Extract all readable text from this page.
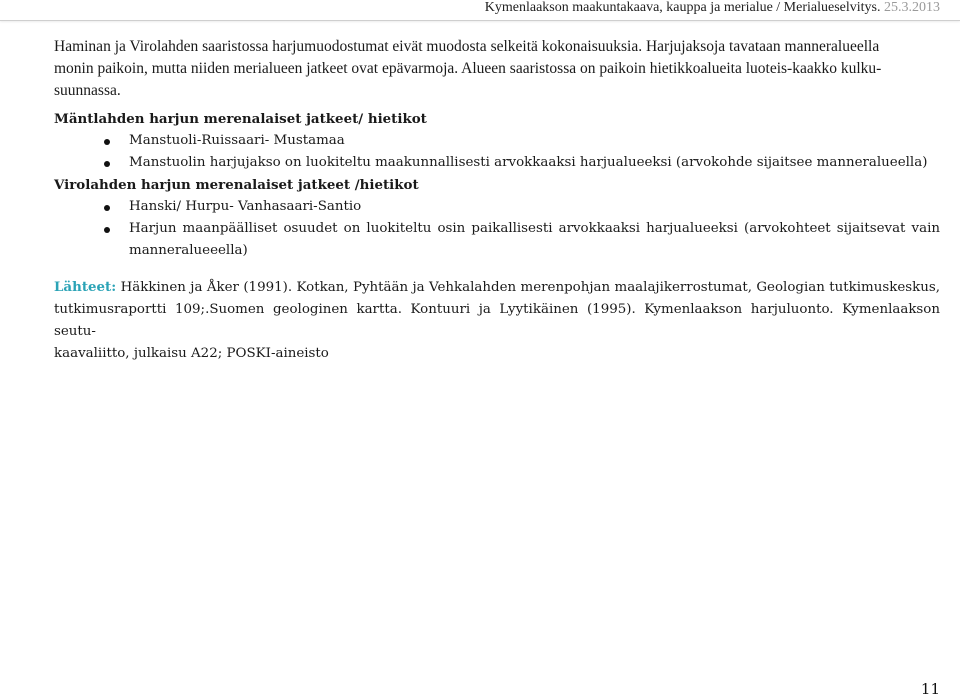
Kymenlaakson maakuntakaava, kauppa ja merialue / Merialueselvitys. 25.3.2013
Haminan ja Virolahden saaristossa harjumuodostumat eivät muodosta selkeitä kokonaisuuksia. Harjujaksoja tavataan manneralueella
monin paikoin, mutta niiden merialueen jatkeet ovat epävarmoja. Alueen saaristossa on paikoin hietikkoalueita luoteis-kaakko kulku-
suunnassa.
Mäntlahden harjun merenalaiset jatkeet/ hietikot
Manstuoli-Ruissaari- Mustamaa
Manstuolin harjujakso on luokiteltu maakunnallisesti arvokkaaksi harjualueeksi (arvokohde sijaitsee manneralueella)
Virolahden harjun merenalaiset jatkeet /hietikot
Hanski/ Hurpu- Vanhasaari-Santio
Harjun maanpäälliset osuudet on luokiteltu osin paikallisesti arvokkaaksi harjualueeksi (arvokohteet sijaitsevat vain
manneralueeella)
Lähteet: Häkkinen ja Åker (1991). Kotkan, Pyhtään ja Vehkalahden merenpohjan maalajikerrostumat, Geologian tutkimuskeskus,
tutkimusraportti 109;.Suomen geologinen kartta. Kontuuri ja Lyytikäinen (1995). Kymenlaakson harjuluonto. Kymenlaakson seutu-
kaavaliitto, julkaisu A22; POSKI-aineisto
11
